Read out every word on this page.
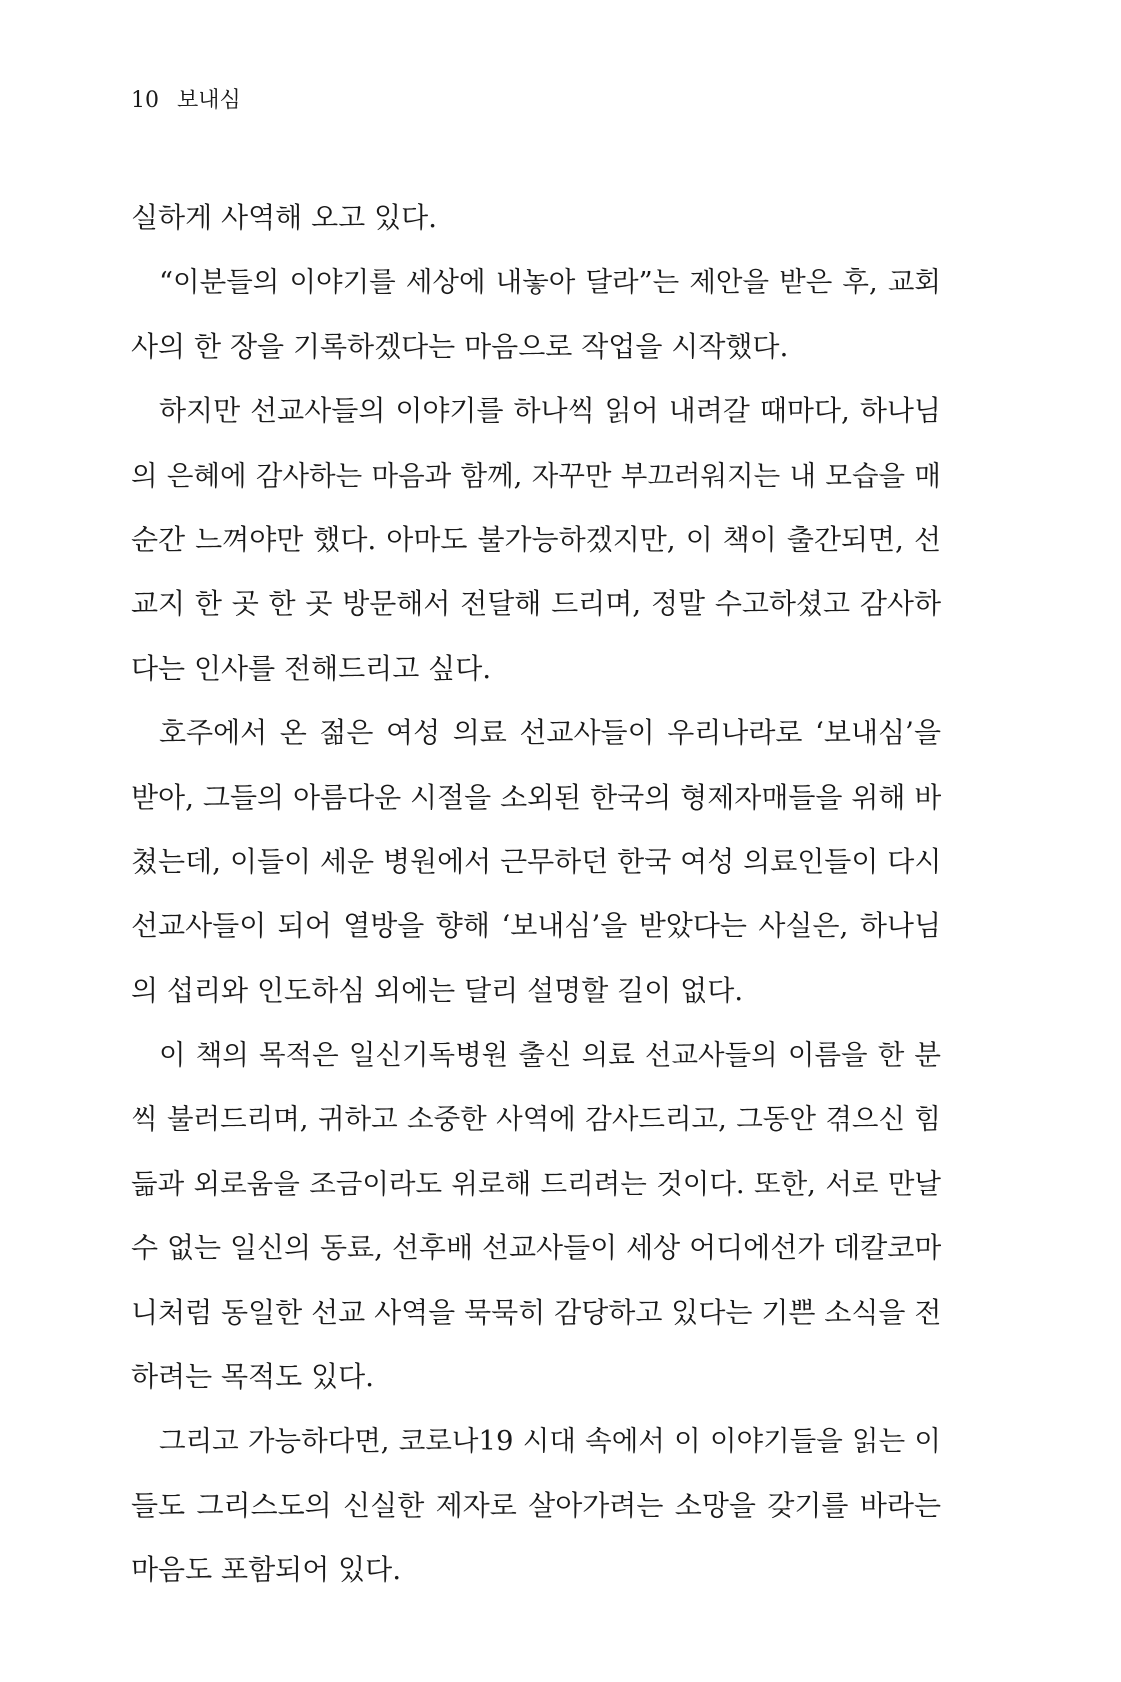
10 보내심
실하게 사역해 오고 있다.
“이분들의 이야기를 세상에 내놓아 달라”는 제안을 받은 후, 교회
사의 한 장을 기록하겠다는 마음으로 작업을 시작했다.
하지만 선교사들의 이야기를 하나씩 읽어 내려갈 때마다, 하나님
의 은혜에 감사하는 마음과 함께, 자꾸만 부끄러워지는 내 모습을 매
순간 느껴야만 했다. 아마도 불가능하겠지만, 이 책이 출간되면, 선
교지 한 곳 한 곳 방문해서 전달해 드리며, 정말 수고하셨고 감사하
다는 인사를 전해드리고 싶다.
호주에서 온 젊은 여성 의료 선교사들이 우리나라로 ‘보내심’을
받아, 그들의 아름다운 시절을 소외된 한국의 형제자매들을 위해 바
쳤는데, 이들이 세운 병원에서 근무하던 한국 여성 의료인들이 다시
선교사들이 되어 열방을 향해 ‘보내심’을 받았다는 사실은, 하나님
의 섭리와 인도하심 외에는 달리 설명할 길이 없다.
이 책의 목적은 일신기독병원 출신 의료 선교사들의 이름을 한 분
씩 불러드리며, 귀하고 소중한 사역에 감사드리고, 그동안 겪으신 힘
듦과 외로움을 조금이라도 위로해 드리려는 것이다. 또한, 서로 만날
수 없는 일신의 동료, 선후배 선교사들이 세상 어디에선가 데칼코마
니처럼 동일한 선교 사역을 묵묵히 감당하고 있다는 기쁜 소식을 전
하려는 목적도 있다.
그리고 가능하다면, 코로나19 시대 속에서 이 이야기들을 읽는 이
들도 그리스도의 신실한 제자로 살아가려는 소망을 갖기를 바라는
마음도 포함되어 있다.
